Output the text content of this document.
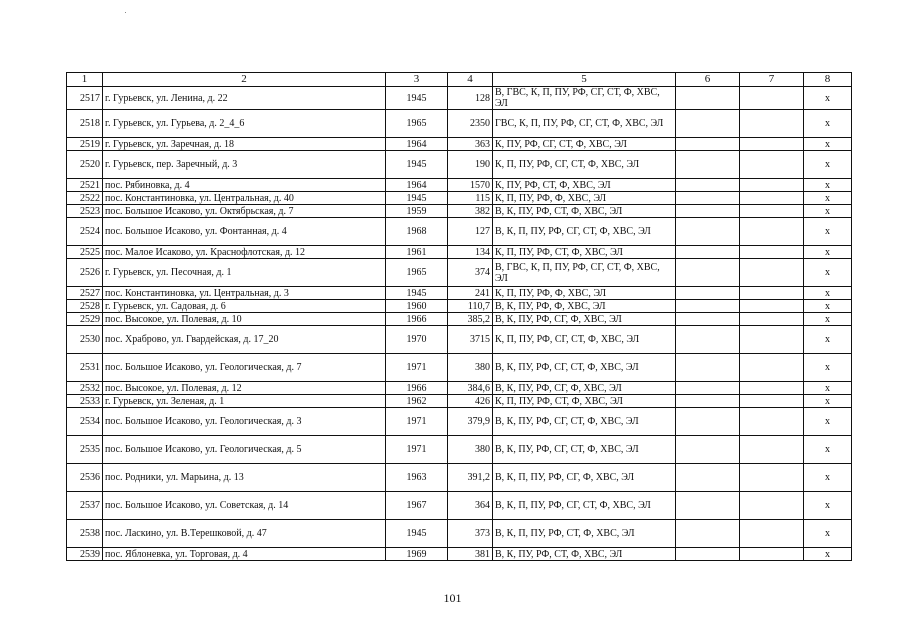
1	2	3	4	5	6	7	8
2517	г. Гурьевск, ул. Ленина, д. 22	1945	128	В, ГВС, К, П, ПУ, РФ, СГ, СТ, Ф, ХВС, ЭЛ			x
2518	г. Гурьевск, ул. Гурьева, д. 2_4_6	1965	2350	ГВС, К, П, ПУ, РФ, СГ, СТ, Ф, ХВС, ЭЛ			x
2519	г. Гурьевск, ул. Заречная, д. 18	1964	363	К, ПУ, РФ, СГ, СТ, Ф, ХВС, ЭЛ			x
2520	г. Гурьевск, пер. Заречный, д. 3	1945	190	К, П, ПУ, РФ, СГ, СТ, Ф, ХВС, ЭЛ			x
2521	пос. Рябиновка, д. 4	1964	1570	К, ПУ, РФ, СТ, Ф, ХВС, ЭЛ			x
2522	пос. Константиновка, ул. Центральная, д. 40	1945	115	К, П, ПУ, РФ, Ф, ХВС, ЭЛ			x
2523	пос. Большое Исаково, ул. Октябрьская, д. 7	1959	382	В, К, ПУ, РФ, СТ, Ф, ХВС, ЭЛ			x
2524	пос. Большое Исаково, ул. Фонтанная, д. 4	1968	127	В, К, П, ПУ, РФ, СГ, СТ, Ф, ХВС, ЭЛ			x
2525	пос. Малое Исаково, ул. Краснофлотская, д. 12	1961	134	К, П, ПУ, РФ, СТ, Ф, ХВС, ЭЛ			x
2526	г. Гурьевск, ул. Песочная, д. 1	1965	374	В, ГВС, К, П, ПУ, РФ, СГ, СТ, Ф, ХВС, ЭЛ			x
2527	пос. Константиновка, ул. Центральная, д. 3	1945	241	К, П, ПУ, РФ, Ф, ХВС, ЭЛ			x
2528	г. Гурьевск, ул. Садовая, д. 6	1960	110,7	В, К, ПУ, РФ, Ф, ХВС, ЭЛ			x
2529	пос. Высокое, ул. Полевая, д. 10	1966	385,2	В, К, ПУ, РФ, СГ, Ф, ХВС, ЭЛ			x
2530	пос. Храброво, ул. Гвардейская, д. 17_20	1970	3715	К, П, ПУ, РФ, СГ, СТ, Ф, ХВС, ЭЛ			x
2531	пос. Большое Исаково, ул. Геологическая, д. 7	1971	380	В, К, ПУ, РФ, СГ, СТ, Ф, ХВС, ЭЛ			x
2532	пос. Высокое, ул. Полевая, д. 12	1966	384,6	В, К, ПУ, РФ, СГ, Ф, ХВС, ЭЛ			x
2533	г. Гурьевск, ул. Зеленая, д. 1	1962	426	К, П, ПУ, РФ, СТ, Ф, ХВС, ЭЛ			x
2534	пос. Большое Исаково, ул. Геологическая, д. 3	1971	379,9	В, К, ПУ, РФ, СГ, СТ, Ф, ХВС, ЭЛ			x
2535	пос. Большое Исаково, ул. Геологическая, д. 5	1971	380	В, К, ПУ, РФ, СГ, СТ, Ф, ХВС, ЭЛ			x
2536	пос. Родники, ул. Марьина, д. 13	1963	391,2	В, К, П, ПУ, РФ, СГ, Ф, ХВС, ЭЛ			x
2537	пос. Большое Исаково, ул. Советская, д. 14	1967	364	В, К, П, ПУ, РФ, СГ, СТ, Ф, ХВС, ЭЛ			x
2538	пос. Ласкино, ул. В.Терешковой, д. 47	1945	373	В, К, П, ПУ, РФ, СТ, Ф, ХВС, ЭЛ			x
2539	пос. Яблоневка, ул. Торговая, д. 4	1969	381	В, К, ПУ, РФ, СТ, Ф, ХВС, ЭЛ			x
101
